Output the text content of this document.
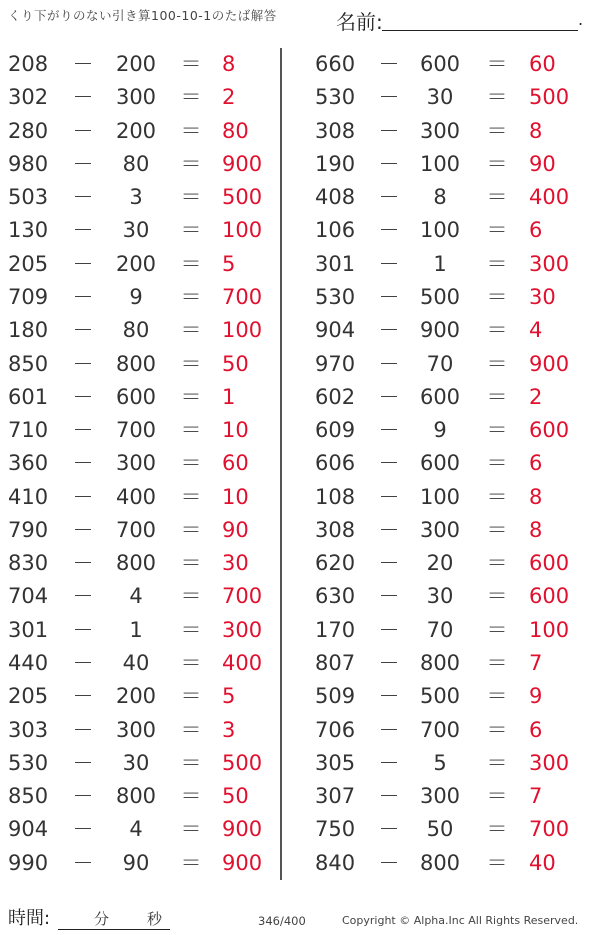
くり下がりのない引き算100-10-1のたば解答	名前:	.
208	－	200	＝ 8
302	－	300	＝ 2
280	－	200	＝ 80
980	－	80	＝ 900
503	－	3	＝ 500
130	－	30	＝ 100
205	－	200	＝ 5
709	－	9	＝ 700
180	－	80	＝ 100
850	－	800	＝ 50
601	－	600	＝ 1
710	－	700	＝ 10
360	－	300	＝ 60
410	－	400	＝ 10
790	－	700	＝ 90
830	－	800	＝ 30
704	－	4	＝ 700
301	－	1	＝ 300
440	－	40	＝ 400
205	－	200	＝ 5
303	－	300	＝ 3
530	－	30	＝ 500
850	－	800	＝ 50
904	－	4	＝ 900
990	－	90	＝ 900
660	－ 600	＝ 60
530	－	30	＝ 500
308	－ 300	＝ 8
190	－ 100	＝ 90
408	－	8	＝ 400
106	－ 100	＝ 6
301	－	1	＝ 300
530	－ 500	＝ 30
904	－ 900	＝ 4
970	－	70	＝ 900
602	－ 600	＝ 2
609	－	9	＝ 600
606	－ 600	＝ 6
108	－ 100	＝ 8
308	－ 300	＝ 8
620	－	20	＝ 600
630	－	30	＝ 600
170	－	70	＝ 100
807	－ 800	＝ 7
509	－ 500	＝ 9
706	－ 700	＝ 6
305	－	5	＝ 300
307	－ 300	＝ 7
750	－	50	＝ 700
840	－ 800	＝ 40
時間:	分	秒	346/400	Copyright © Alpha.Inc All Rights Reserved.
